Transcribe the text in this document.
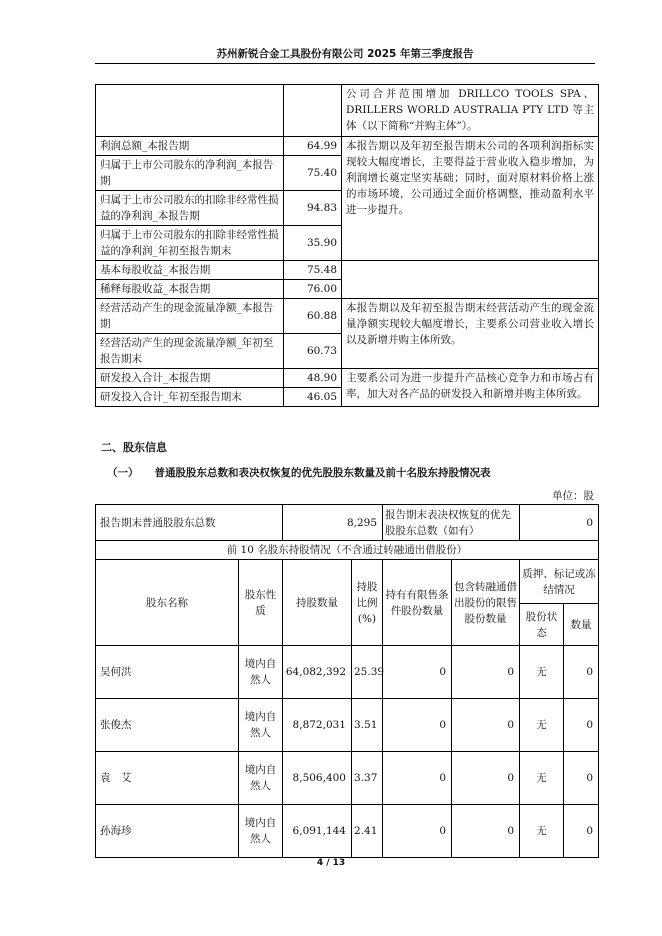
苏州新锐合金工具股份有限公司 2025 年第三季度报告
		公司合并范围增加 DRILLCO TOOLS SPA、DRILLERS WORLD AUSTRALIA PTY LTD 等主体（以下简称“并购主体”）。
利润总额_本报告期	64.99	本报告期以及年初至报告期末公司的各项利润指标实现较大幅度增长，主要得益于营业收入稳步增加，为利润增长奠定坚实基础；同时，面对原材料价格上涨的市场环境，公司通过全面价格调整，推动盈利水平进一步提升。
归属于上市公司股东的净利润_本报告期	75.40	
归属于上市公司股东的扣除非经常性损益的净利润_本报告期	94.83	
归属于上市公司股东的扣除非经常性损益的净利润_年初至报告期末	35.90	
基本每股收益_本报告期	75.48	
稀释每股收益_本报告期	76.00	
经营活动产生的现金流量净额_本报告期	60.88	本报告期以及年初至报告期末经营活动产生的现金流量净额实现较大幅度增长，主要系公司营业收入增长以及新增并购主体所致。
经营活动产生的现金流量净额_年初至报告期末	60.73	
研发投入合计_本报告期	48.90	主要系公司为进一步提升产品核心竞争力和市场占有率，加大对各产品的研发投入和新增并购主体所致。
研发投入合计_年初至报告期末	46.05	
二、股东信息
（一） 普通股股东总数和表决权恢复的优先股股东数量及前十名股东持股情况表
单位：股
报告期末普通股股东总数		8,295		报告期末表决权恢复的优先股股东总数（如有）		0	
前 10 名股东持股情况（不含通过转融通出借股份）							
股东名称	股东性质	持股数量	持股比例(%)	持有有限售条件股份数量	包含转融通借出股份的限售股份数量	质押、标记或冻结情况	
						股份状态	数量
吴何洪	境内自然人	64,082,392	25.39	0	0	无	0
张俊杰	境内自然人	8,872,031	3.51	0	0	无	0
袁　艾	境内自然人	8,506,400	3.37	0	0	无	0
孙海珍	境内自然人	6,091,144	2.41	0	0	无	0
4 / 13
